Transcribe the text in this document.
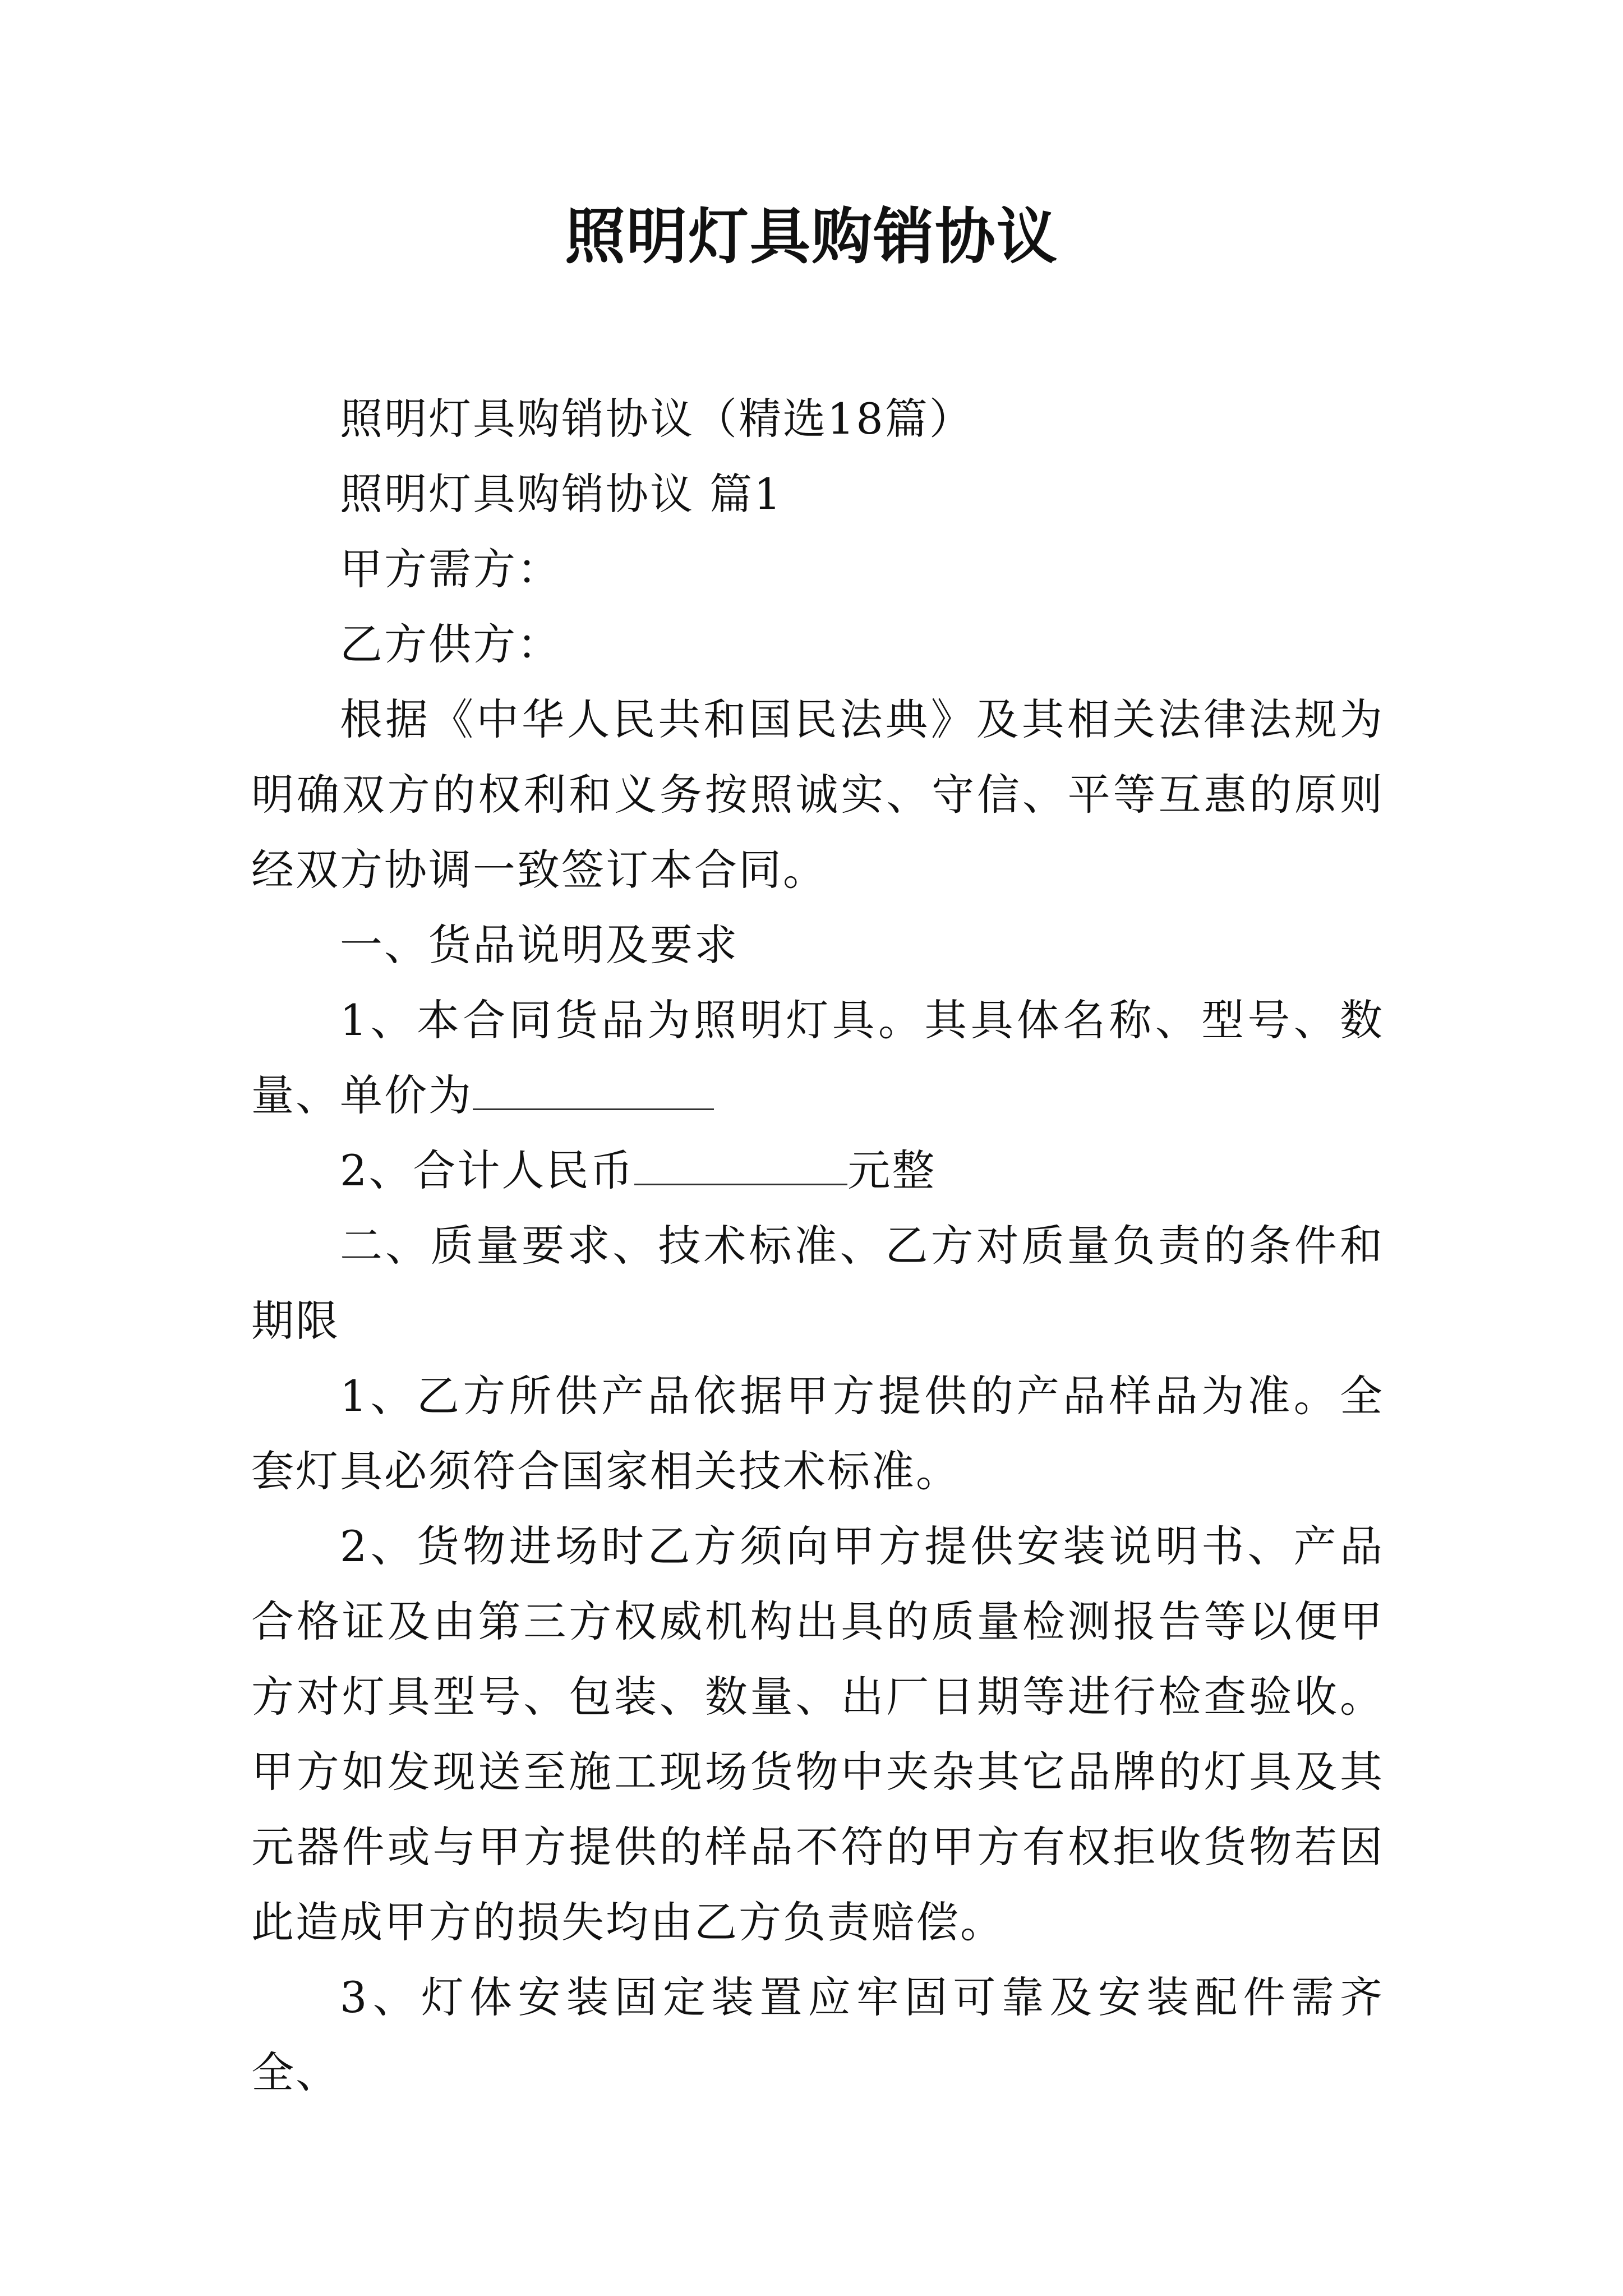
照明灯具购销协议

照明灯具购销协议（精选18篇）

照明灯具购销协议 篇1

甲方需方：

乙方供方：

根据《中华人民共和国民法典》及其相关法律法规为明确双方的权利和义务按照诚实、守信、平等互惠的原则经双方协调一致签订本合同。

一、货品说明及要求

1、本合同货品为照明灯具。其具体名称、型号、数量、单价为

2、合计人民币	元整

二、质量要求、技术标准、乙方对质量负责的条件和期限

1、乙方所供产品依据甲方提供的产品样品为准。全套灯具必须符合国家相关技术标准。

2、货物进场时乙方须向甲方提供安装说明书、产品合格证及由第三方权威机构出具的质量检测报告等以便甲方对灯具型号、包装、数量、出厂日期等进行检查验收。甲方如发现送至施工现场货物中夹杂其它品牌的灯具及其元器件或与甲方提供的样品不符的甲方有权拒收货物若因此造成甲方的损失均由乙方负责赔偿。

3、灯体安装固定装置应牢固可靠及安装配件需齐全、
